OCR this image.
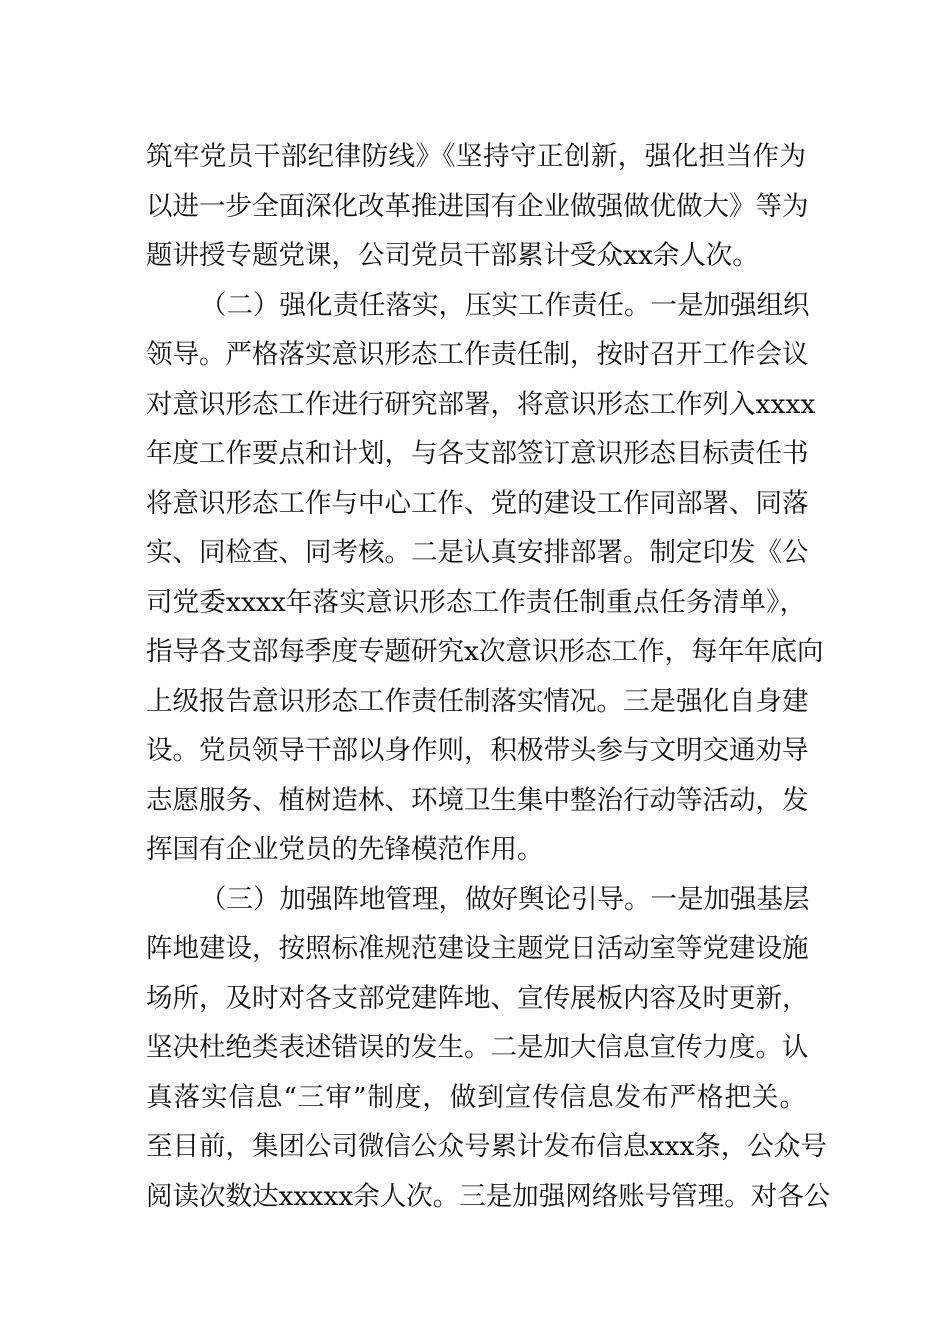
筑牢党员干部纪律防线》《坚持守正创新，强化担当作为
以进一步全面深化改革推进国有企业做强做优做大》等为
题讲授专题党课，公司党员干部累计受众xx余人次。
（二）强化责任落实，压实工作责任。一是加强组织
领导。严格落实意识形态工作责任制，按时召开工作会议
对意识形态工作进行研究部署，将意识形态工作列入xxxx
年度工作要点和计划，与各支部签订意识形态目标责任书
将意识形态工作与中心工作、党的建设工作同部署、同落
实、同检查、同考核。二是认真安排部署。制定印发《公
司党委xxxx年落实意识形态工作责任制重点任务清单》，
指导各支部每季度专题研究x次意识形态工作，每年年底向
上级报告意识形态工作责任制落实情况。三是强化自身建
设。党员领导干部以身作则，积极带头参与文明交通劝导
志愿服务、植树造林、环境卫生集中整治行动等活动，发
挥国有企业党员的先锋模范作用。
（三）加强阵地管理，做好舆论引导。一是加强基层
阵地建设，按照标准规范建设主题党日活动室等党建设施
场所，及时对各支部党建阵地、宣传展板内容及时更新，
坚决杜绝类表述错误的发生。二是加大信息宣传力度。认
真落实信息“三审”制度，做到宣传信息发布严格把关。
至目前，集团公司微信公众号累计发布信息xxx条，公众号
阅读次数达xxxxx余人次。三是加强网络账号管理。对各公
